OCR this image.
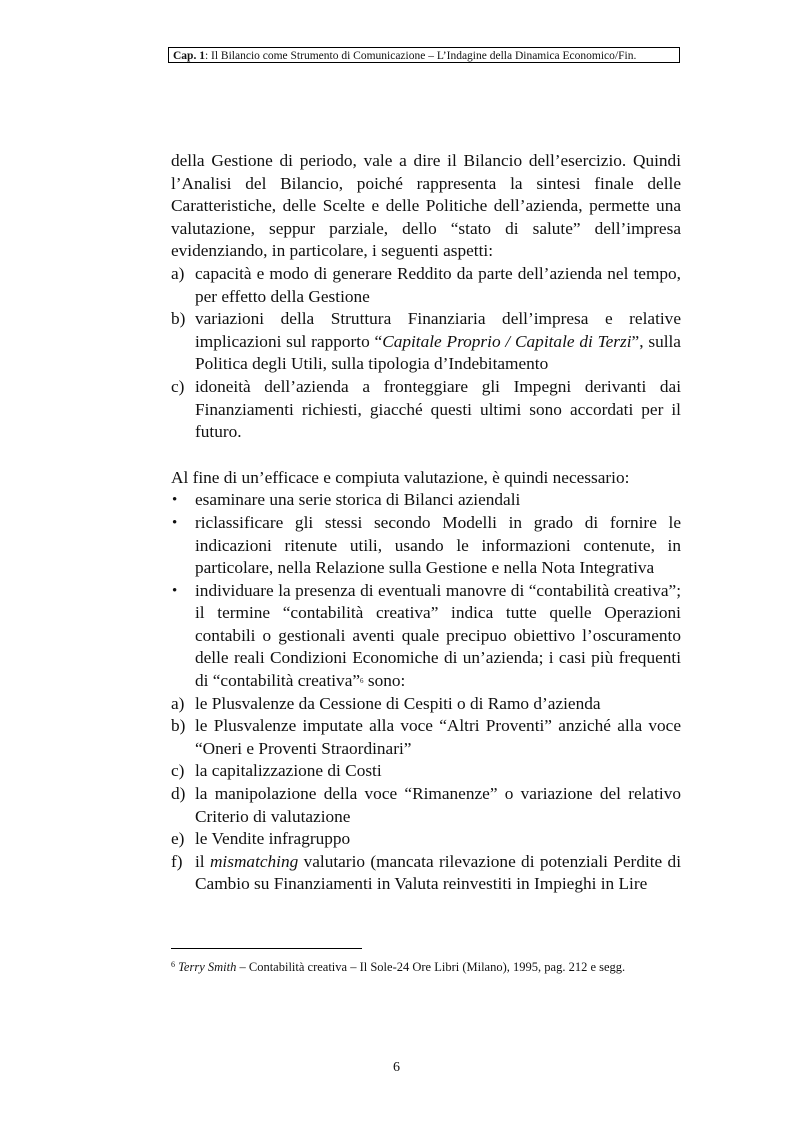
Cap. 1: Il Bilancio come Strumento di Comunicazione – L’Indagine della Dinamica Economico/Fin.

della Gestione di periodo, vale a dire il Bilancio dell’esercizio. Quindi l’Analisi del Bilancio, poiché rappresenta la sintesi finale delle Caratteristiche, delle Scelte e delle Politiche dell’azienda, permette una valutazione, seppur parziale, dello “stato di salute” dell’impresa evidenziando, in particolare, i seguenti aspetti:

a) capacità e modo di generare Reddito da parte dell’azienda nel tempo, per effetto della Gestione
b) variazioni della Struttura Finanziaria dell’impresa e relative implicazioni sul rapporto “Capitale Proprio / Capitale di Terzi”, sulla Politica degli Utili, sulla tipologia d’Indebitamento
c) idoneità dell’azienda a fronteggiare gli Impegni derivanti dai Finanziamenti richiesti, giacché questi ultimi sono accordati per il futuro.

Al fine di un’efficace e compiuta valutazione, è quindi necessario:

• esaminare una serie storica di Bilanci aziendali
• riclassificare gli stessi secondo Modelli in grado di fornire le indicazioni ritenute utili, usando le informazioni contenute, in particolare, nella Relazione sulla Gestione e nella Nota Integrativa
• individuare la presenza di eventuali manovre di “contabilità creativa”; il termine “contabilità creativa” indica tutte quelle Operazioni contabili o gestionali aventi quale precipuo obiettivo l’oscuramento delle reali Condizioni Economiche di un’azienda; i casi più frequenti di “contabilità creativa”$^6$ sono:
a) le Plusvalenze da Cessione di Cespiti o di Ramo d’azienda
b) le Plusvalenze imputate alla voce “Altri Proventi” anziché alla voce “Oneri e Proventi Straordinari”
c) la capitalizzazione di Costi
d) la manipolazione della voce “Rimanenze” o variazione del relativo Criterio di valutazione
e) le Vendite infragruppo
f) il mismatching valutario (mancata rilevazione di potenziali Perdite di Cambio su Finanziamenti in Valuta reinvestiti in Impieghi in Lire
$^6$ Terry Smith – Contabilità creativa – Il Sole-24 Ore Libri (Milano), 1995, pag. 212 e segg.
6
